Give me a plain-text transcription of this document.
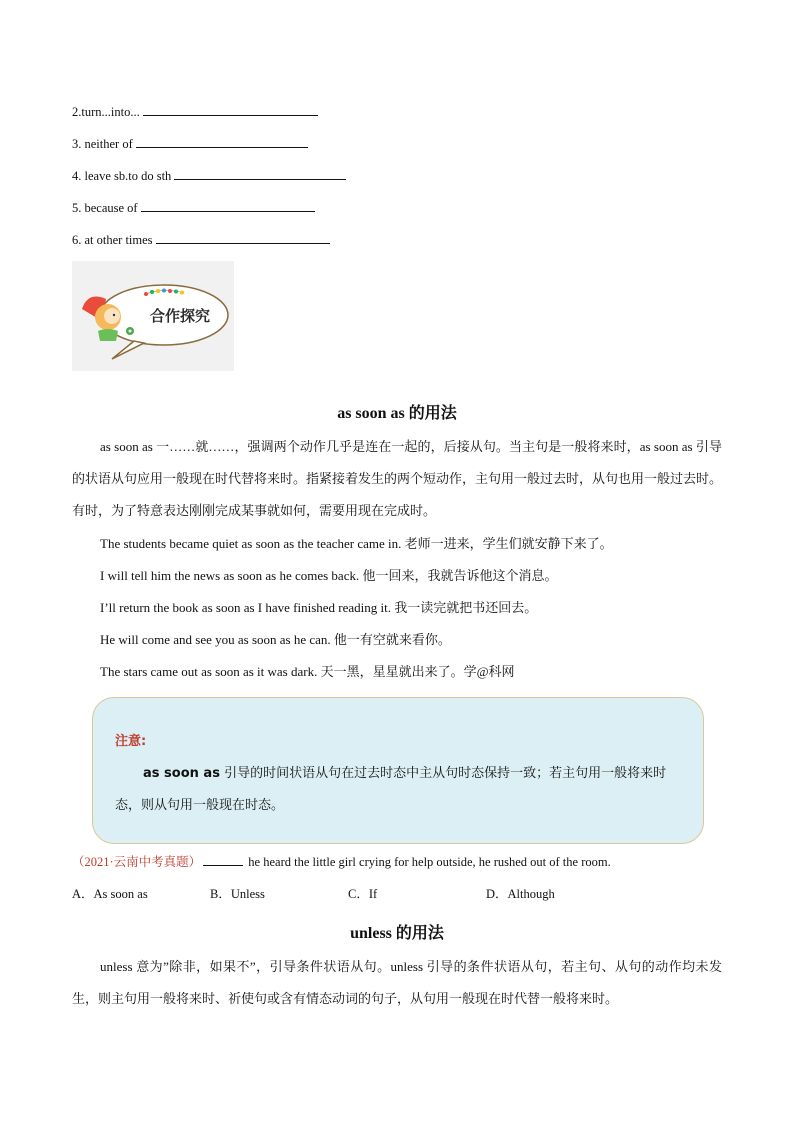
2.turn...into...
3. neither of
4. leave sb.to do sth
5. because of
6. at other times
合作探究
as soon as 的用法
as soon as 一……就……，强调两个动作几乎是连在一起的，后接从句。当主句是一般将来时，as soon as 引导的状语从句应用一般现在时代替将来时。指紧接着发生的两个短动作，主句用一般过去时，从句也用一般过去时。有时，为了特意表达刚刚完成某事就如何，需要用现在完成时。
The students became quiet as soon as the teacher came in. 老师一进来，学生们就安静下来了。
I will tell him the news as soon as he comes back. 他一回来，我就告诉他这个消息。
I’ll return the book as soon as I have finished reading it. 我一读完就把书还回去。
He will come and see you as soon as he can. 他一有空就来看你。
The stars came out as soon as it was dark. 天一黑，星星就出来了。学@科网
注意:
as soon as 引导的时间状语从句在过去时态中主从句时态保持一致；若主句用一般将来时态，则从句用一般现在时态。
（2021·云南中考真题）	he heard the little girl crying for help outside, he rushed out of the room.
A．As soon as	B．Unless	C．If	D．Although
unless 的用法
unless 意为”除非，如果不”，引导条件状语从句。unless 引导的条件状语从句，若主句、从句的动作均未发生，则主句用一般将来时、祈使句或含有情态动词的句子，从句用一般现在时代替一般将来时。
